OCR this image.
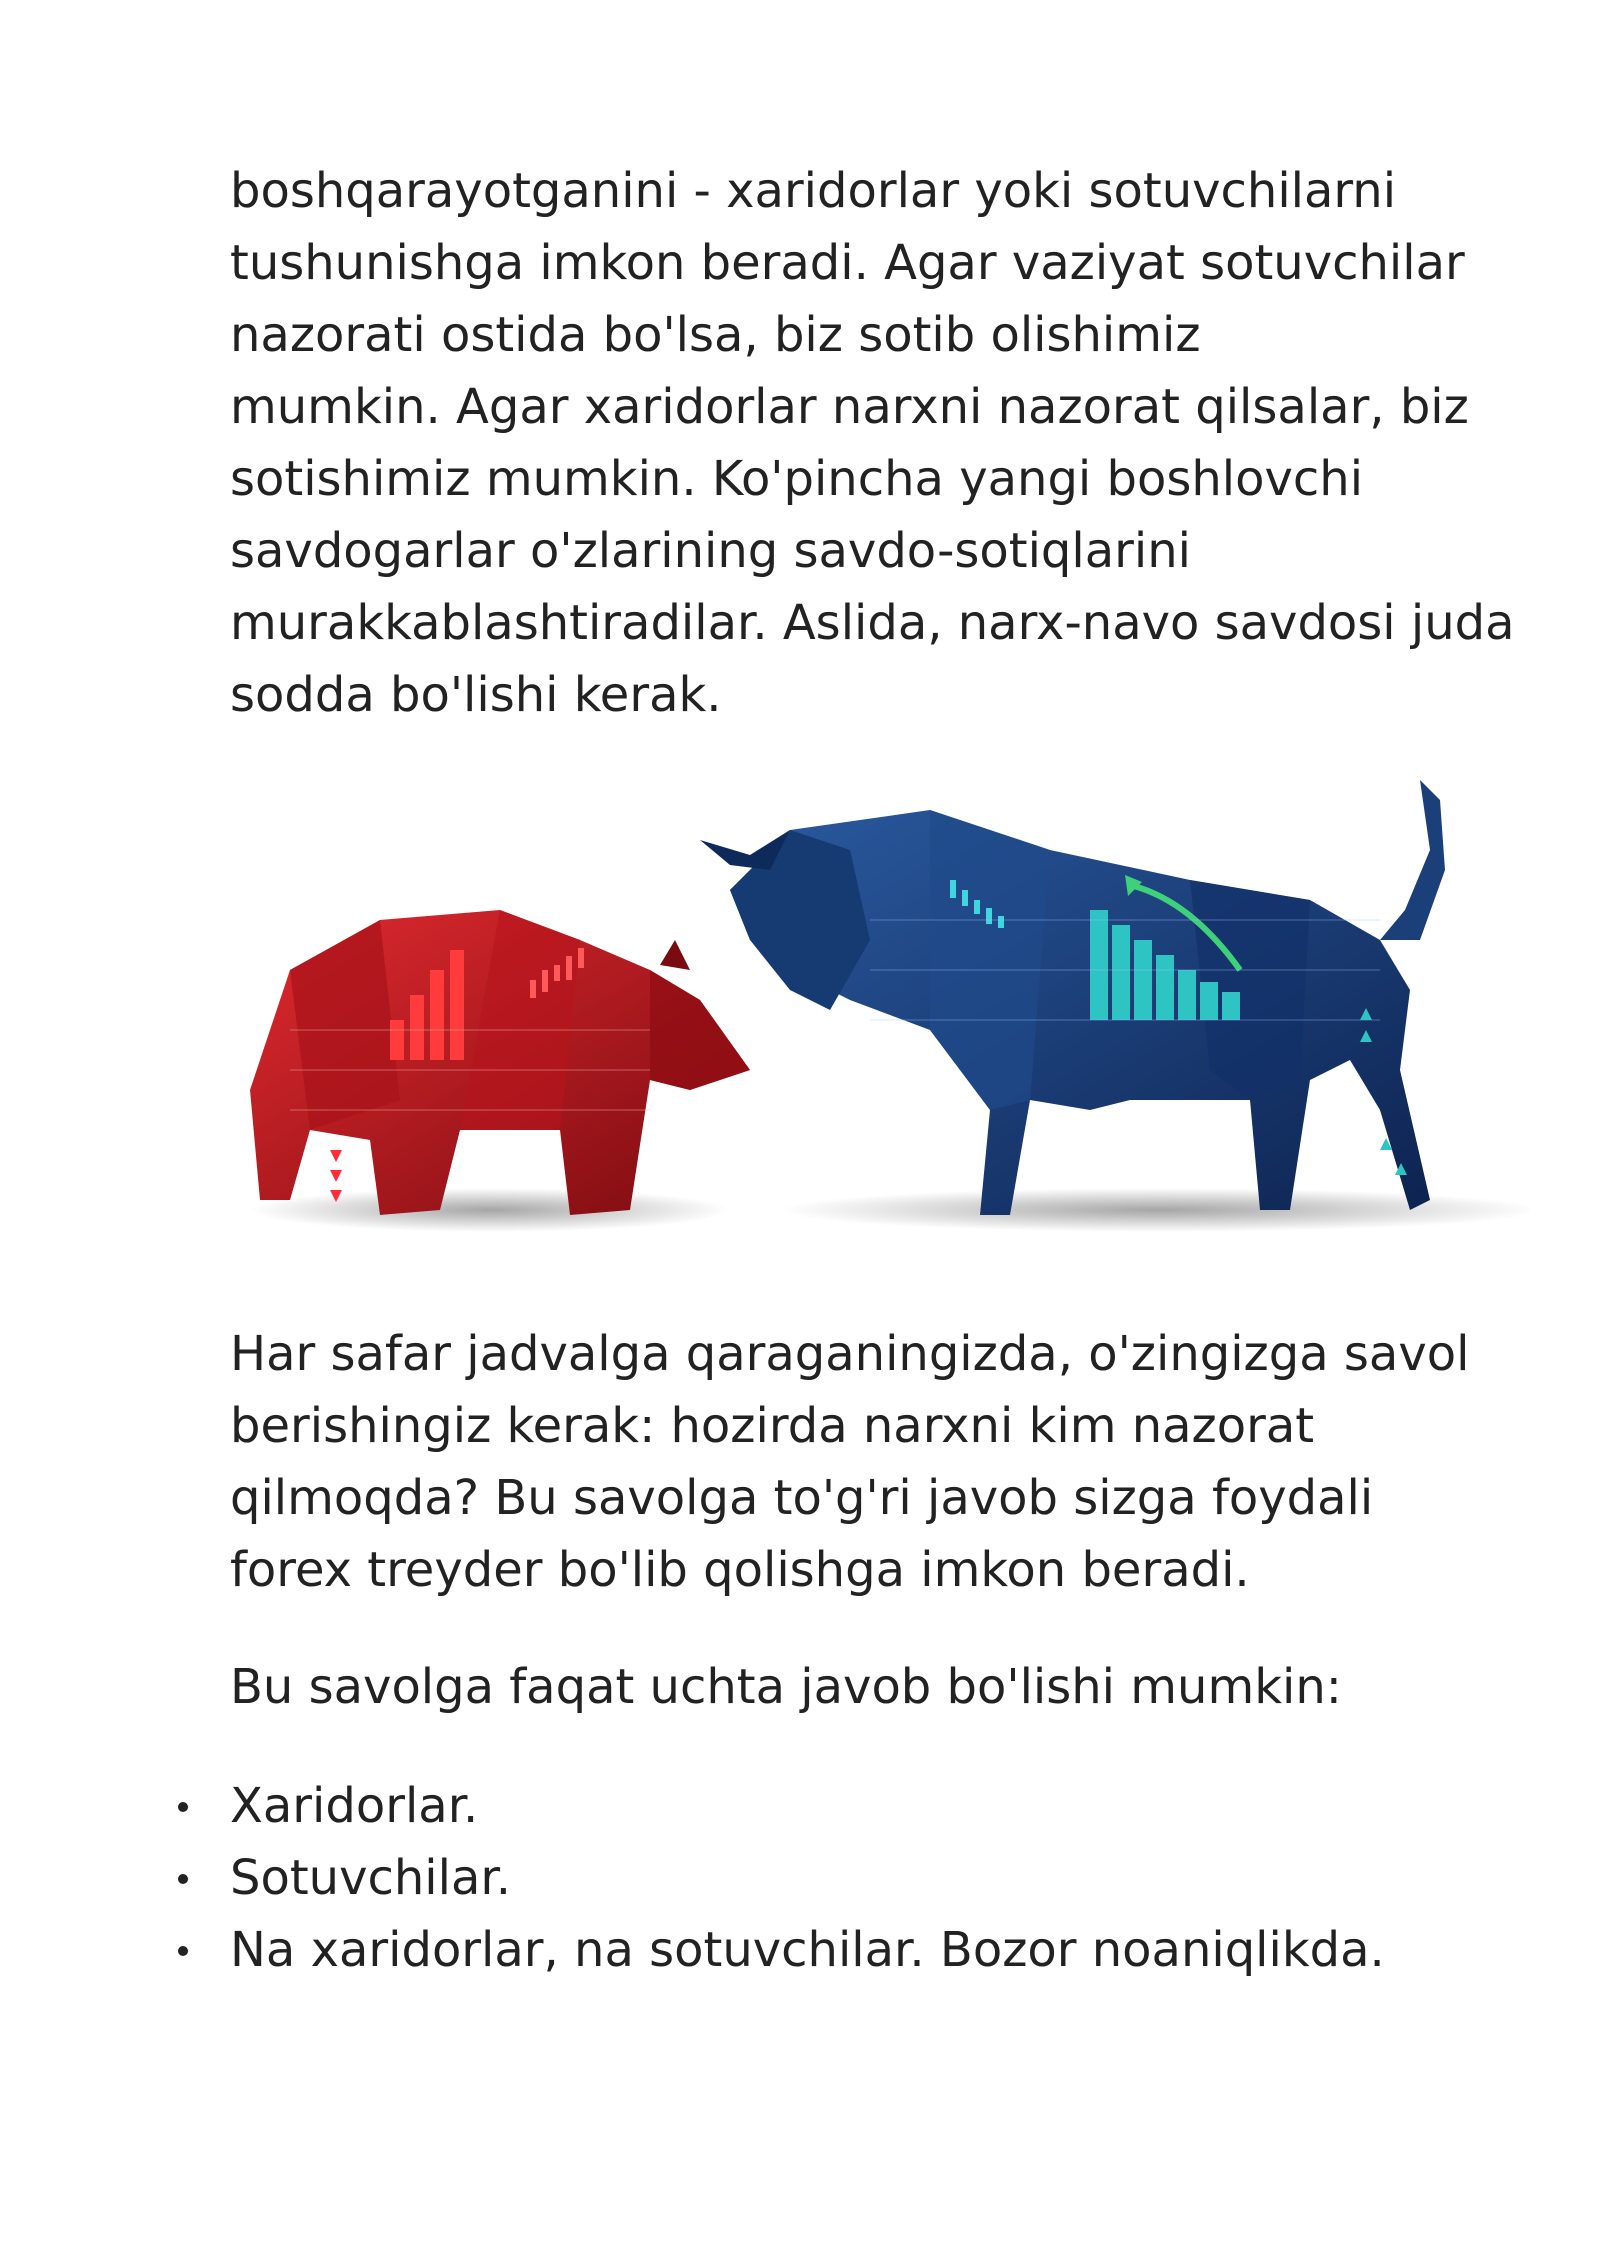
boshqarayotganini - xaridorlar yoki sotuvchilarni
tushunishga imkon beradi. Agar vaziyat sotuvchilar
nazorati ostida bo'lsa, biz sotib olishimiz
mumkin. Agar xaridorlar narxni nazorat qilsalar, biz
sotishimiz mumkin. Ko'pincha yangi boshlovchi
savdogarlar o'zlarining savdo-sotiqlarini
murakkablashtiradilar. Aslida, narx-navo savdosi juda
sodda bo'lishi kerak.

Har safar jadvalga qaraganingizda, o'zingizga savol
berishingiz kerak: hozirda narxni kim nazorat
qilmoqda? Bu savolga to'g'ri javob sizga foydali
forex treyder bo'lib qolishga imkon beradi.

Bu savolga faqat uchta javob bo'lishi mumkin:

Xaridorlar.
Sotuvchilar.
Na xaridorlar, na sotuvchilar. Bozor noaniqlikda.
